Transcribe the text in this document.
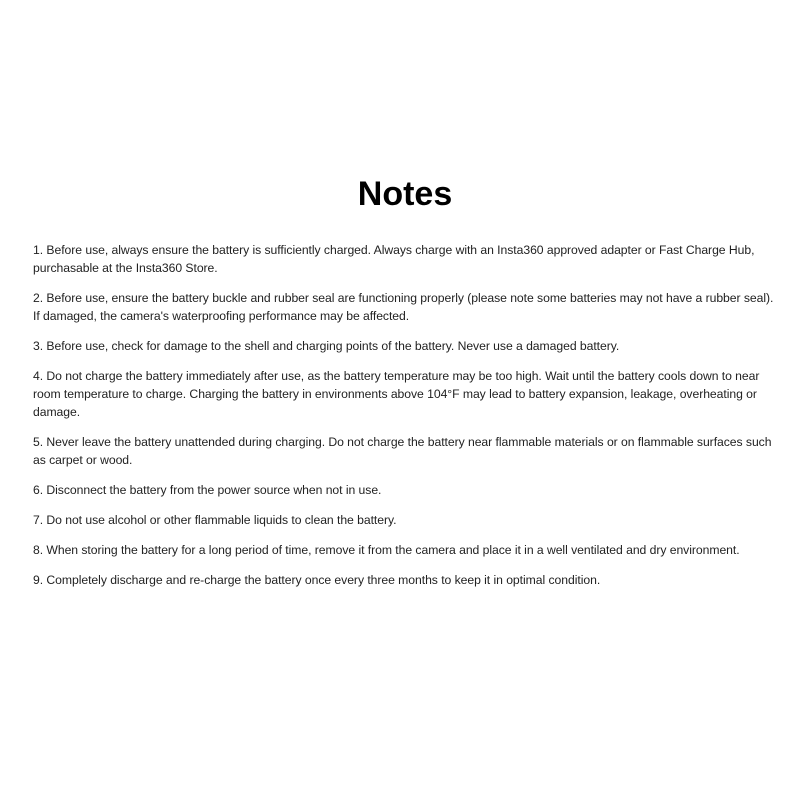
Notes
1. Before use, always ensure the battery is sufficiently charged. Always charge with an Insta360 approved adapter or Fast Charge Hub, purchasable at the Insta360 Store.
2. Before use, ensure the battery buckle and rubber seal are functioning properly (please note some batteries may not have a rubber seal). If damaged, the camera's waterproofing performance may be affected.
3. Before use, check for damage to the shell and charging points of the battery. Never use a damaged battery.
4. Do not charge the battery immediately after use, as the battery temperature may be too high. Wait until the battery cools down to near room temperature to charge. Charging the battery in environments above 104°F may lead to battery expansion, leakage, overheating or damage.
5. Never leave the battery unattended during charging. Do not charge the battery near flammable materials or on flammable surfaces such as carpet or wood.
6. Disconnect the battery from the power source when not in use.
7. Do not use alcohol or other flammable liquids to clean the battery.
8. When storing the battery for a long period of time, remove it from the camera and place it in a well ventilated and dry environment.
9. Completely discharge and re-charge the battery once every three months to keep it in optimal condition.
